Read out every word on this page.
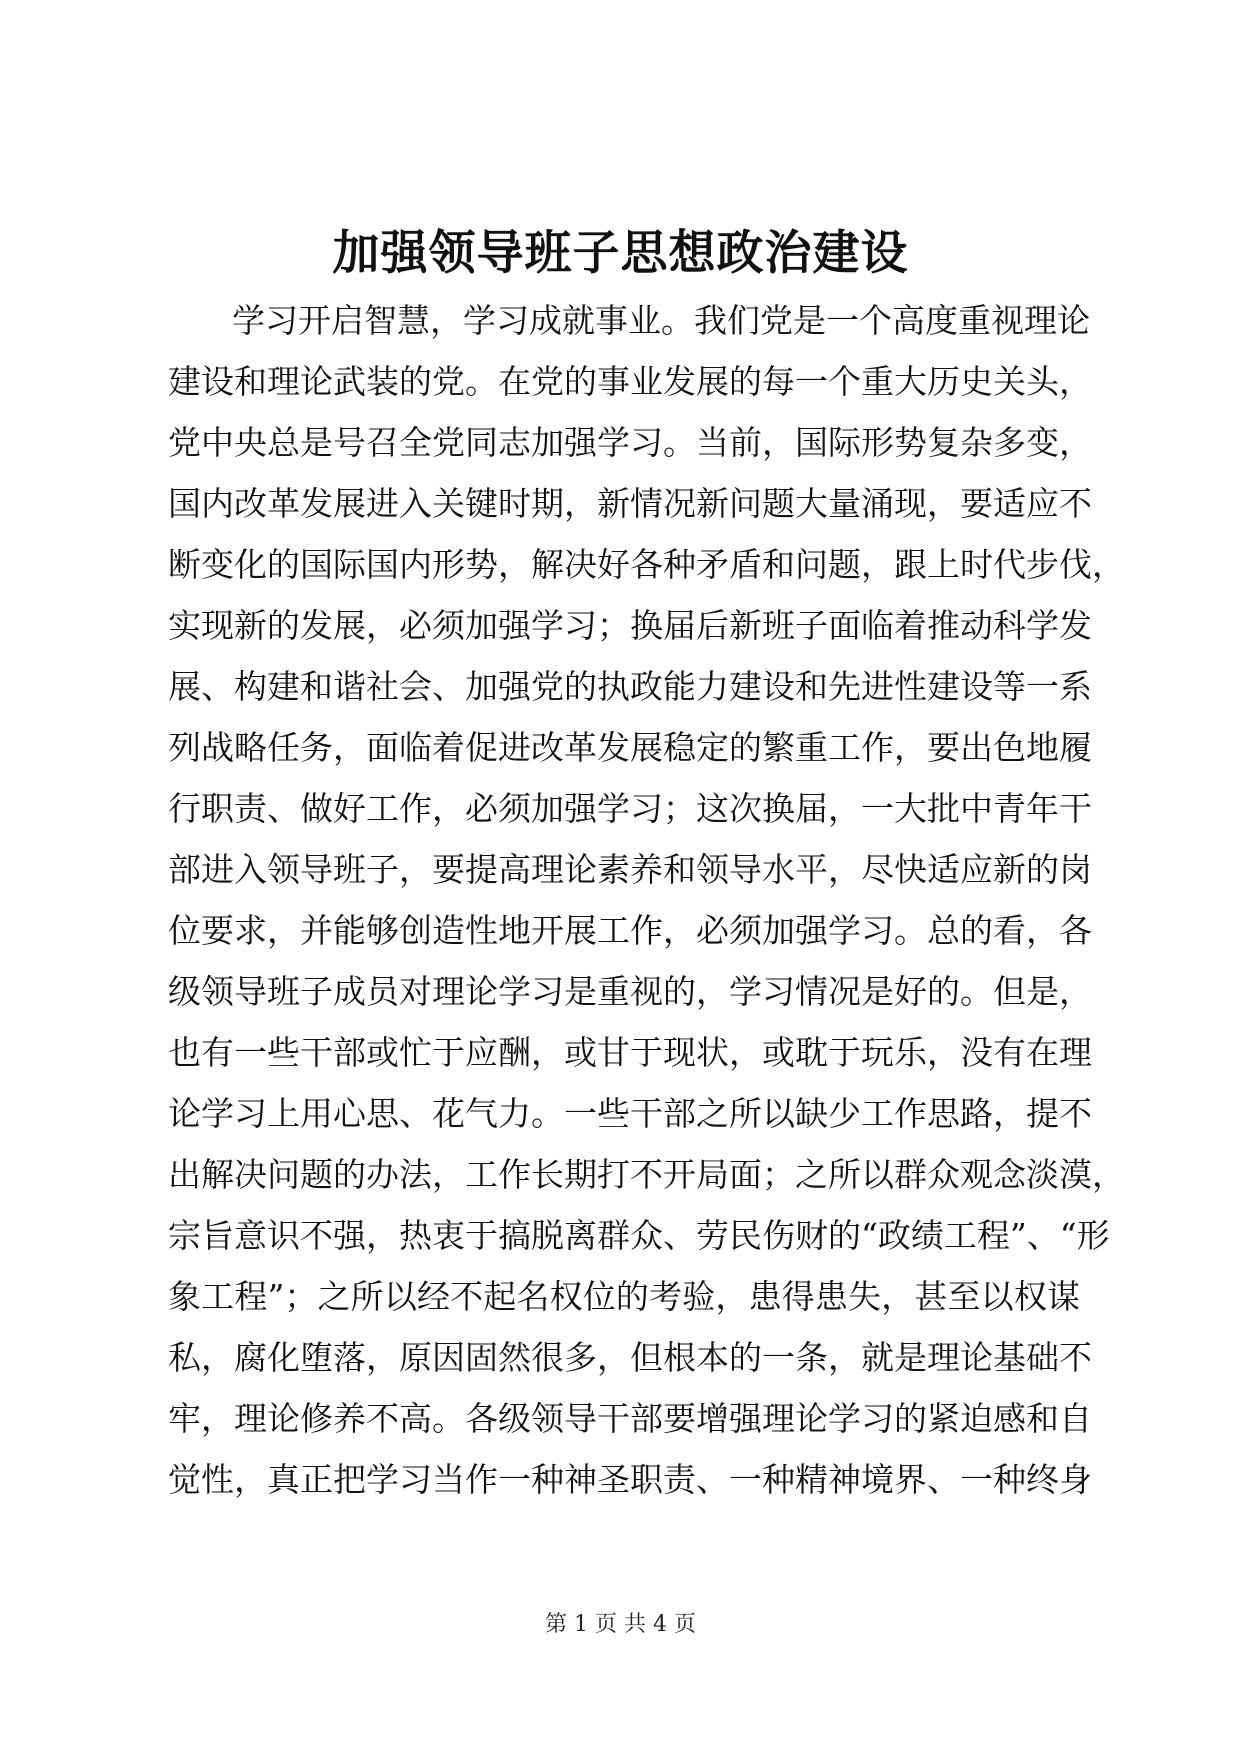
加强领导班子思想政治建设
学习开启智慧，学习成就事业。我们党是一个高度重视理论
建设和理论武装的党。在党的事业发展的每一个重大历史关头，
党中央总是号召全党同志加强学习。当前，国际形势复杂多变，
国内改革发展进入关键时期，新情况新问题大量涌现，要适应不
断变化的国际国内形势，解决好各种矛盾和问题，跟上时代步伐，
实现新的发展，必须加强学习；换届后新班子面临着推动科学发
展、构建和谐社会、加强党的执政能力建设和先进性建设等一系
列战略任务，面临着促进改革发展稳定的繁重工作，要出色地履
行职责、做好工作，必须加强学习；这次换届，一大批中青年干
部进入领导班子，要提高理论素养和领导水平，尽快适应新的岗
位要求，并能够创造性地开展工作，必须加强学习。总的看，各
级领导班子成员对理论学习是重视的，学习情况是好的。但是，
也有一些干部或忙于应酬，或甘于现状，或耽于玩乐，没有在理
论学习上用心思、花气力。一些干部之所以缺少工作思路，提不
出解决问题的办法，工作长期打不开局面；之所以群众观念淡漠，
宗旨意识不强，热衷于搞脱离群众、劳民伤财的“政绩工程”、“形
象工程”；之所以经不起名权位的考验，患得患失，甚至以权谋
私，腐化堕落，原因固然很多，但根本的一条，就是理论基础不
牢，理论修养不高。各级领导干部要增强理论学习的紧迫感和自
觉性，真正把学习当作一种神圣职责、一种精神境界、一种终身
第 1 页 共 4 页
